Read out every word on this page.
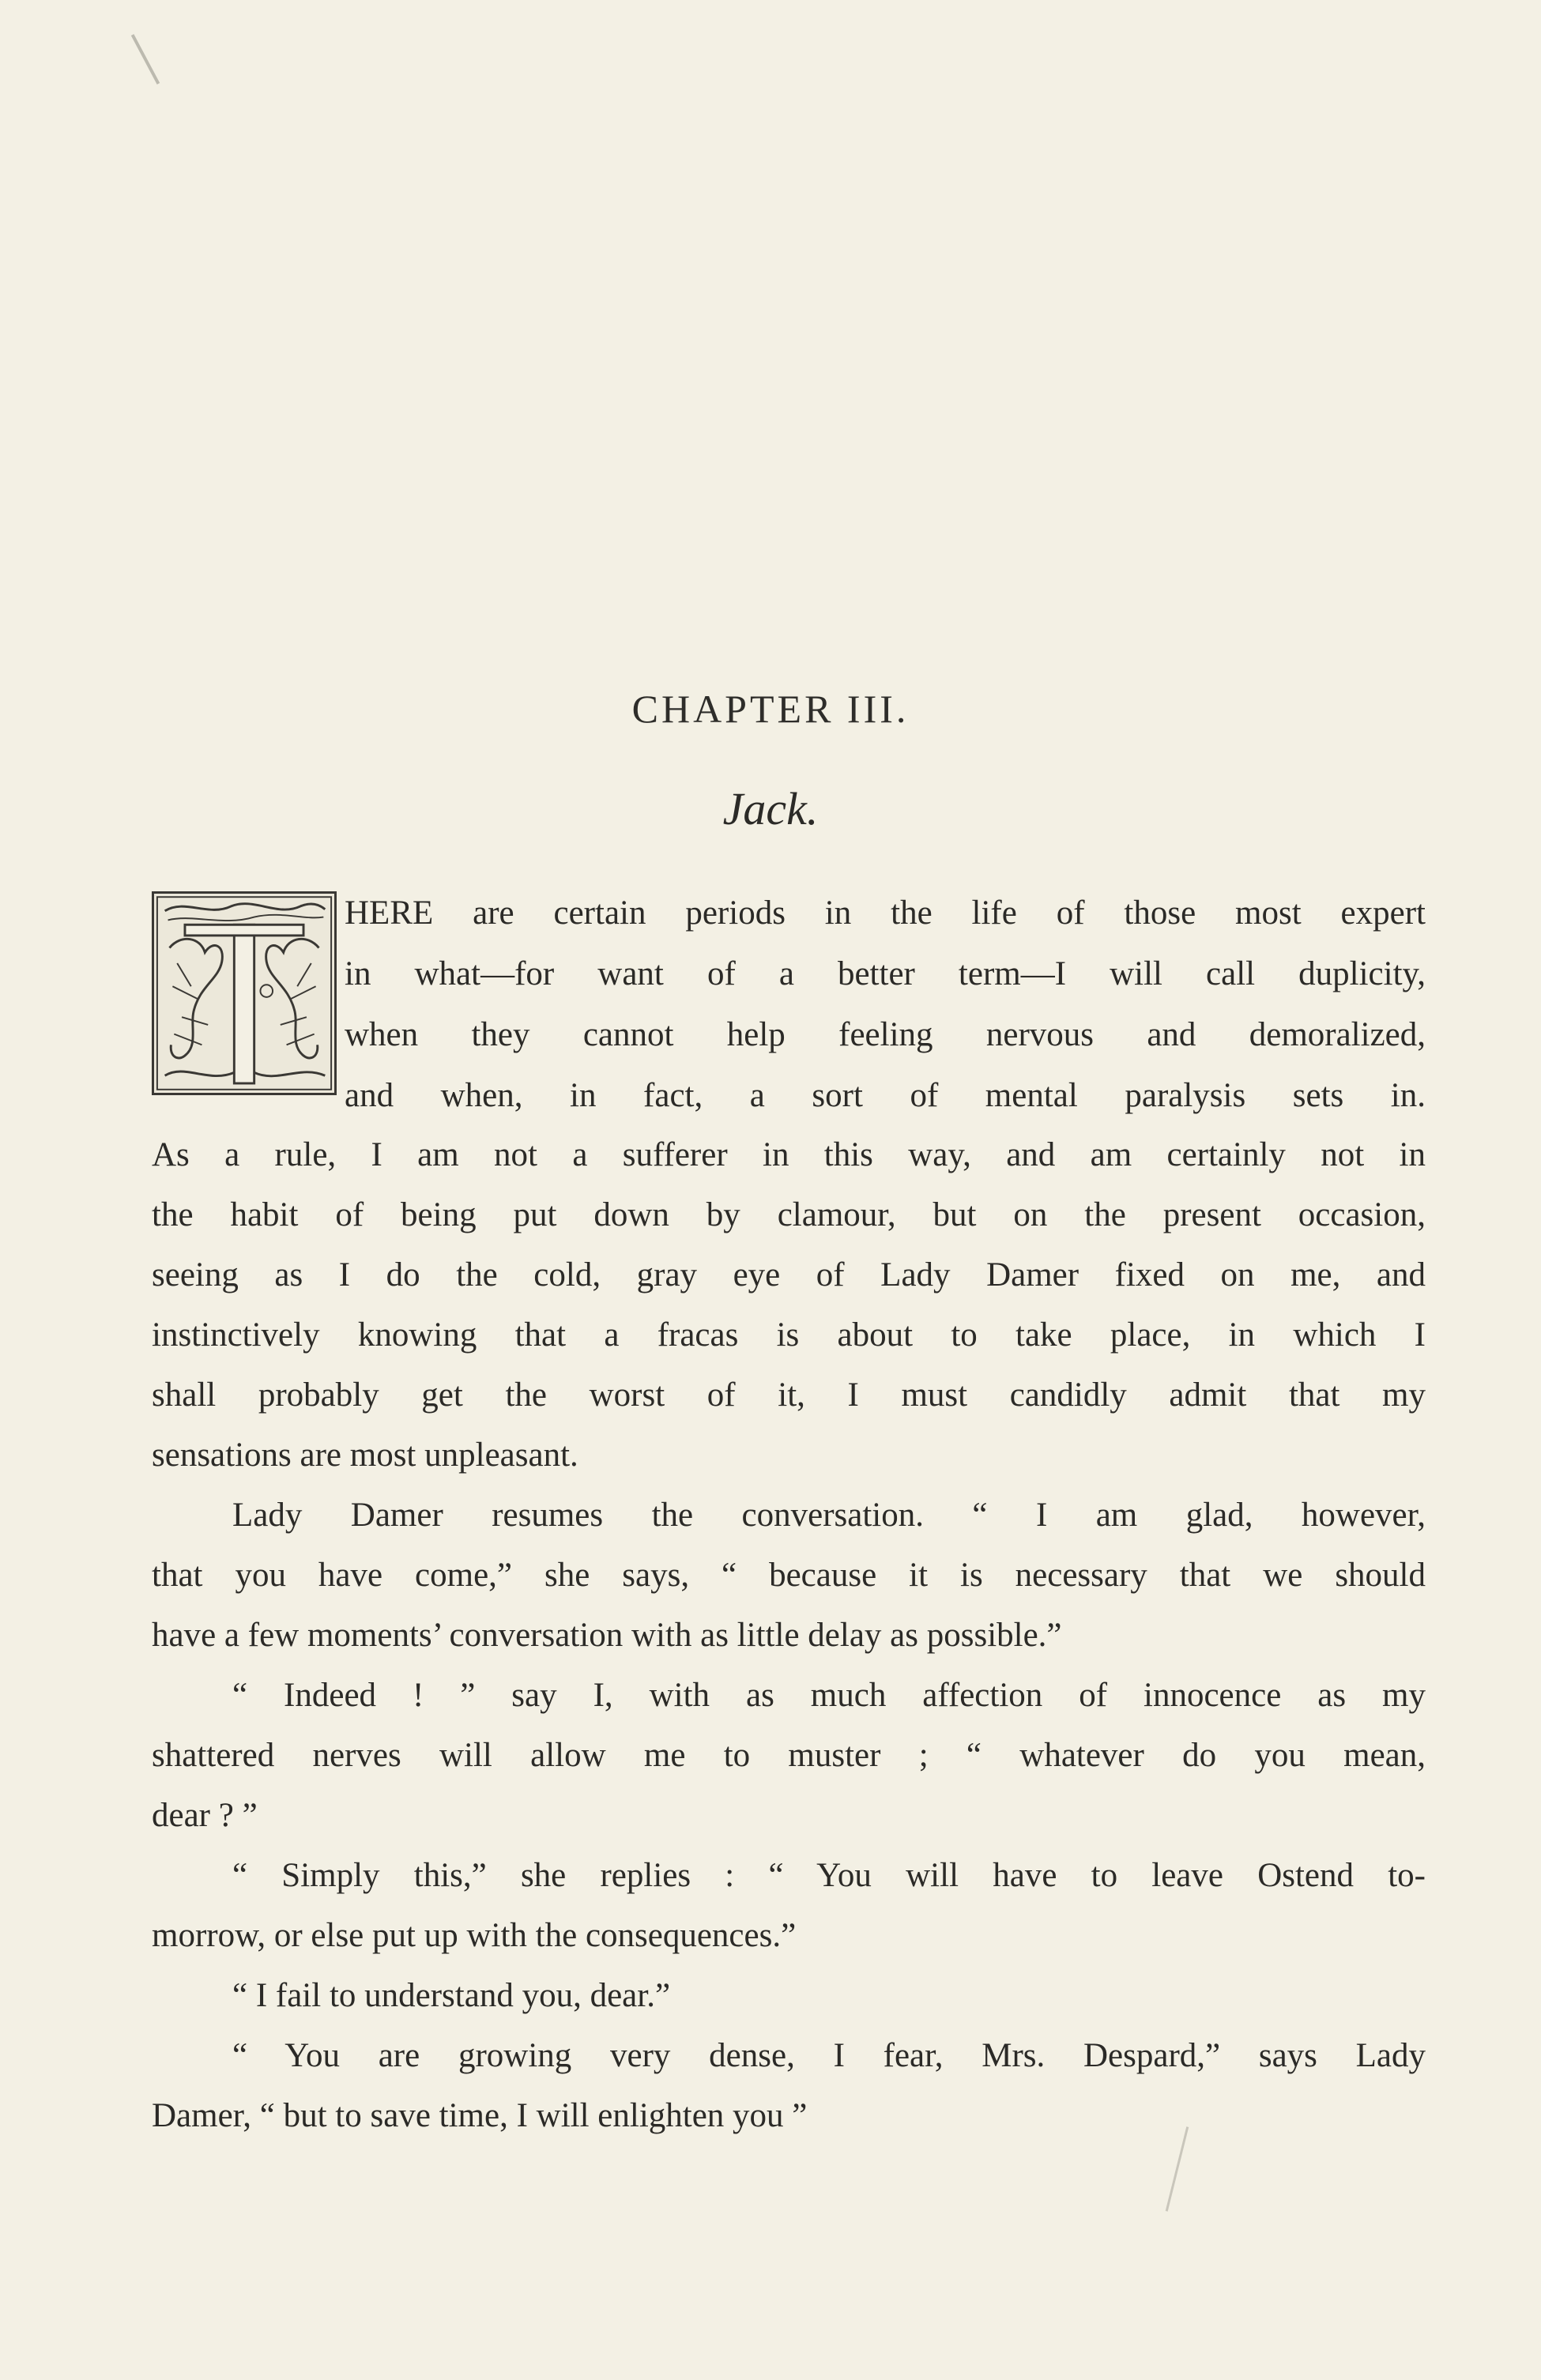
CHAPTER III.
Jack.
HERE are certain periods in the life of those most expert
in what—for want of a better term—I will call duplicity,
when they cannot help feeling nervous and demoralized,
and when, in fact, a sort of mental paralysis sets in.
As a rule, I am not a sufferer in this way, and am certainly not in
the habit of being put down by clamour, but on the present occasion,
seeing as I do the cold, gray eye of Lady Damer fixed on me, and
instinctively knowing that a fracas is about to take place, in which I
shall probably get the worst of it, I must candidly admit that my
sensations are most unpleasant.
Lady Damer resumes the conversation. “ I am glad, however,
that you have come,” she says, “ because it is necessary that we should
have a few moments’ conversation with as little delay as possible.”
“ Indeed ! ” say I, with as much affection of innocence as my
shattered nerves will allow me to muster ; “ whatever do you mean,
dear ? ”
“ Simply this,” she replies : “ You will have to leave Ostend to-
morrow, or else put up with the consequences.”
“ I fail to understand you, dear.”
“ You are growing very dense, I fear, Mrs. Despard,” says Lady
Damer, “ but to save time, I will enlighten you ”
